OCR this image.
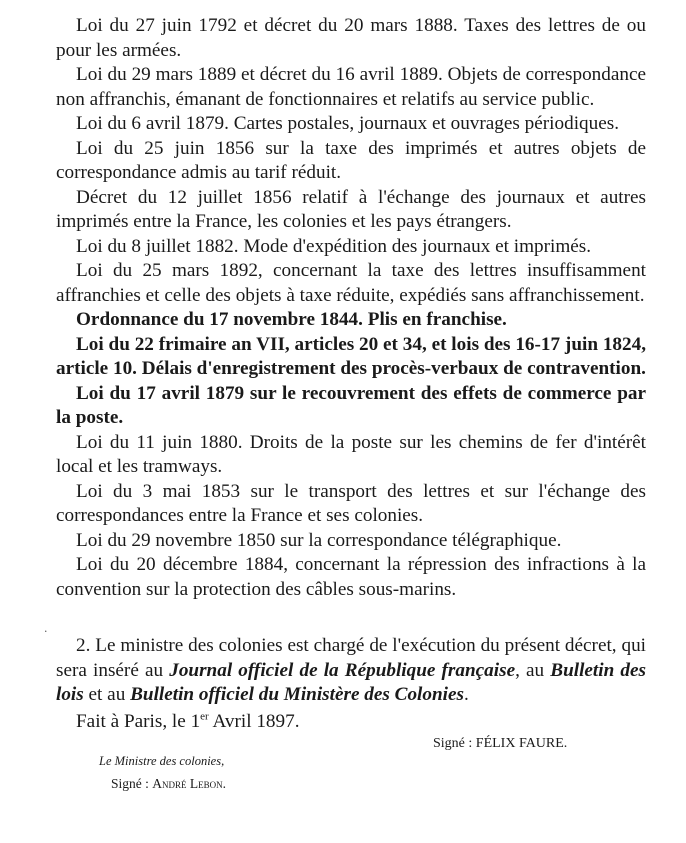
Loi du 27 juin 1792 et décret du 20 mars 1888. Taxes des lettres de ou pour les armées.
Loi du 29 mars 1889 et décret du 16 avril 1889. Objets de correspondance non affranchis, émanant de fonctionnaires et relatifs au service public.
Loi du 6 avril 1879. Cartes postales, journaux et ouvrages périodiques.
Loi du 25 juin 1856 sur la taxe des imprimés et autres objets de correspondance admis au tarif réduit.
Décret du 12 juillet 1856 relatif à l'échange des journaux et autres imprimés entre la France, les colonies et les pays étrangers.
Loi du 8 juillet 1882. Mode d'expédition des journaux et imprimés.
Loi du 25 mars 1892, concernant la taxe des lettres insuffisamment affranchies et celle des objets à taxe réduite, expédiés sans affranchissement.
Ordonnance du 17 novembre 1844. Plis en franchise.
Loi du 22 frimaire an VII, articles 20 et 34, et lois des 16-17 juin 1824, article 10. Délais d'enregistrement des procès-verbaux de contravention.
Loi du 17 avril 1879 sur le recouvrement des effets de commerce par la poste.
Loi du 11 juin 1880. Droits de la poste sur les chemins de fer d'intérêt local et les tramways.
Loi du 3 mai 1853 sur le transport des lettres et sur l'échange des correspondances entre la France et ses colonies.
Loi du 29 novembre 1850 sur la correspondance télégraphique.
Loi du 20 décembre 1884, concernant la répression des infractions à la convention sur la protection des câbles sous-marins.
·

2. Le ministre des colonies est chargé de l'exécution du présent décret, qui sera inséré au Journal officiel de la République française, au Bulletin des lois et au Bulletin officiel du Ministère des Colonies.

Fait à Paris, le 1er Avril 1897.

Signé : FÉLIX FAURE.

Le Ministre des colonies,

Signé : André Lebon.
